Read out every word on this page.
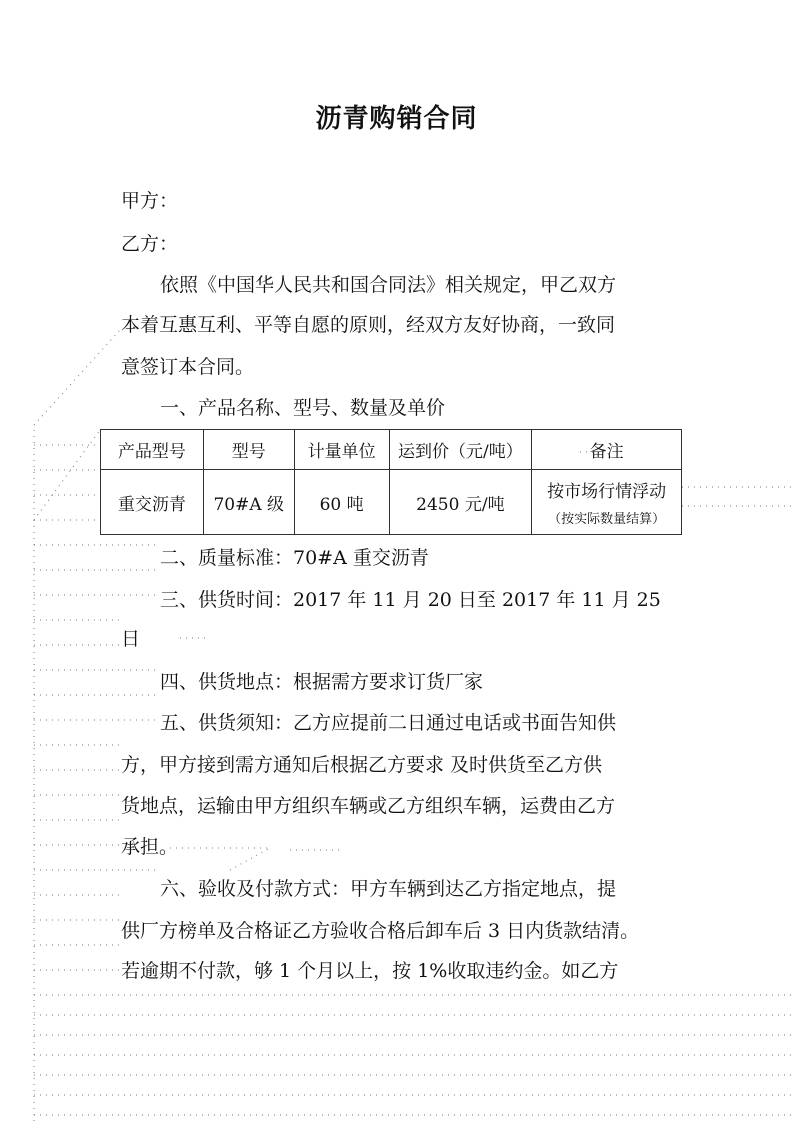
沥青购销合同
甲方：
乙方：
依照《中国华人民共和国合同法》相关规定，甲乙双方
本着互惠互利、平等自愿的原则，经双方友好协商，一致同
意签订本合同。
一、产品名称、型号、数量及单价
产品型号	型号	计量单位	运到价（元/吨）	备注
重交沥青	70#A 级	60 吨	2450 元/吨	按市场行情浮动
（按实际数量结算）
二、质量标准：70#A 重交沥青
三、供货时间：2017 年 11 月 20 日至 2017 年 11 月 25
日
四、供货地点：根据需方要求订货厂家
五、供货须知：乙方应提前二日通过电话或书面告知供
方，甲方接到需方通知后根据乙方要求 及时供货至乙方供
货地点，运输由甲方组织车辆或乙方组织车辆，运费由乙方
承担。
六、验收及付款方式：甲方车辆到达乙方指定地点，提
供厂方榜单及合格证乙方验收合格后卸车后 3 日内货款结清。
若逾期不付款，够 1 个月以上，按 1%收取违约金。如乙方
